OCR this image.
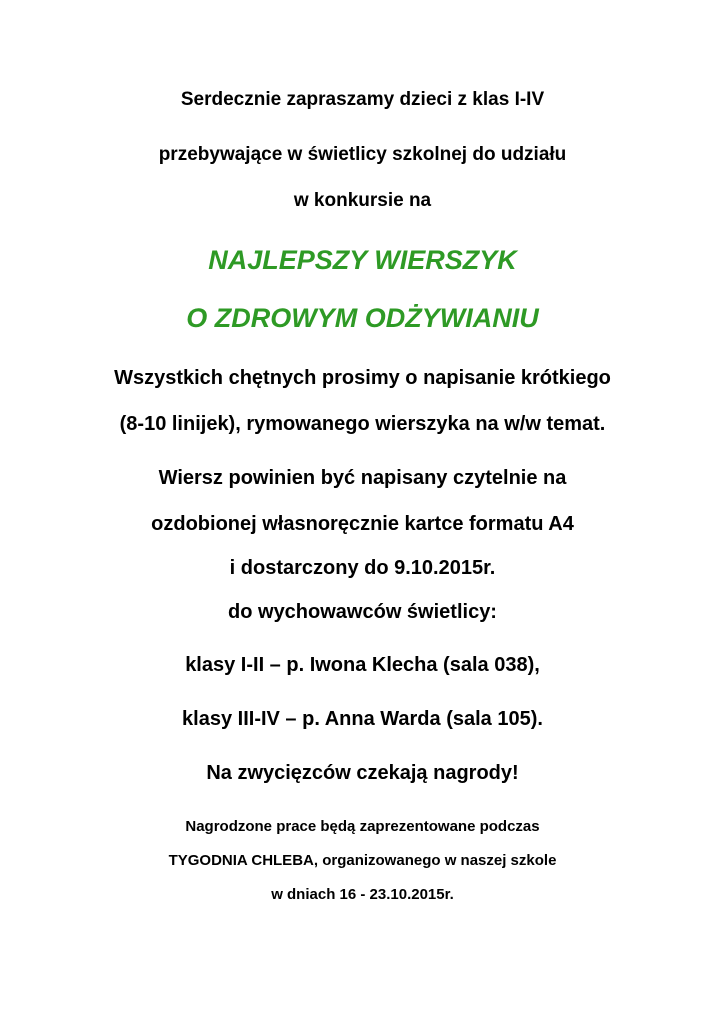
Serdecznie zapraszamy dzieci z klas I-IV
przebywające w świetlicy szkolnej do udziału
w konkursie na
NAJLEPSZY WIERSZYK
O ZDROWYM ODŻYWIANIU
Wszystkich chętnych prosimy o napisanie krótkiego
(8-10 linijek), rymowanego wierszyka na w/w temat.
Wiersz powinien być napisany czytelnie na
ozdobionej własnoręcznie kartce formatu A4
i dostarczony do 9.10.2015r.
do wychowawców świetlicy:
klasy I-II – p. Iwona Klecha (sala 038),
klasy III-IV – p. Anna Warda (sala 105).
Na zwycięzców czekają nagrody!
Nagrodzone prace będą zaprezentowane podczas
TYGODNIA CHLEBA, organizowanego w naszej szkole
w dniach 16 - 23.10.2015r.
